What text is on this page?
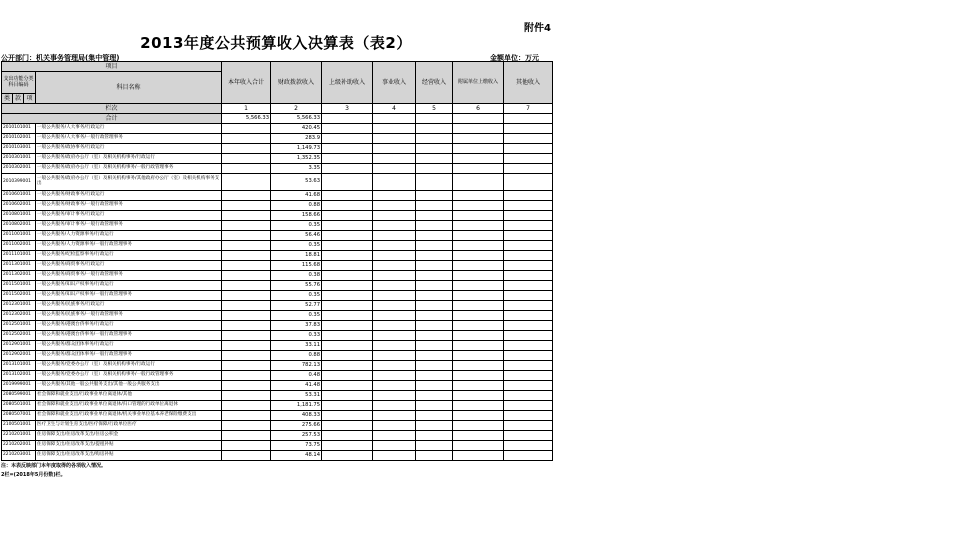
附件4
2013年度公共预算收入决算表（表2）
公开部门：机关事务管理局(集中管理)	金额单位：万元
项目				本年收入合计	财政拨款收入	上级补助收入	事业收入	经营收入	附属单位上缴收入	其他收入
支出功能分类科目编码			科目名称							

类	款	项								
栏次				1	2	3	4	5	6	7
合计				5,566.33	5,566.33					
2010101001			一般公共服务/人大事务/行政运行		420.45					
2010102001			一般公共服务/人大事务/一般行政管理事务		283.9					
2010103001			一般公共服务/政协事务/行政运行		1,149.73					
2010301001			一般公共服务/政府办公厅（室）及相关机构事务/行政运行		1,352.35					
2010302001			一般公共服务/政府办公厅（室）及相关机构事务/一般行政管理事务		3.35					
2010399001			一般公共服务/政府办公厅（室）及相关机构事务/其他政府办公厅（室）及相关机构事务支出		53.63					
2010601001			一般公共服务/财政事务/行政运行		41.68					
2010602001			一般公共服务/财政事务/一般行政管理事务		0.88					
2010801001			一般公共服务/审计事务/行政运行		158.66					
2010802001			一般公共服务/审计事务/一般行政管理事务		0.35					
2011001001			一般公共服务/人力资源事务/行政运行		56.46					
2011002001			一般公共服务/人力资源事务/一般行政管理事务		0.35					
2011101001			一般公共服务/纪检监察事务/行政运行		18.81					
2011301001			一般公共服务/商贸事务/行政运行		115.68					
2011302001			一般公共服务/商贸事务/一般行政管理事务		0.38					
2011501001			一般公共服务/知识产权事务/行政运行		55.76					
2011502001			一般公共服务/知识产权事务/一般行政管理事务		0.35					
2012301001			一般公共服务/民族事务/行政运行		52.77					
2012302001			一般公共服务/民族事务/一般行政管理事务		0.35					
2012501001			一般公共服务/港澳台侨事务/行政运行		37.83					
2012502001			一般公共服务/港澳台侨事务/一般行政管理事务		0.33					
2012901001			一般公共服务/群众团体事务/行政运行		33.11					
2012902001			一般公共服务/群众团体事务/一般行政管理事务		0.88					
2013101001			一般公共服务/党委办公厅（室）及相关机构事务/行政运行		782.13					
2013102001			一般公共服务/党委办公厅（室）及相关机构事务/一般行政管理事务		0.48					
2019999001			一般公共服务/其他一般公共服务支出/其他一般公共服务支出		41.48					
2080599001			社会保障和就业支出/行政事业单位离退休/其他		53.31					
2080501001			社会保障和就业支出/行政事业单位离退休/归口管理的行政单位离退休		1,181.75					
2080507001			社会保障和就业支出/行政事业单位离退休/机关事业单位基本养老保险缴费支出		408.33					
2100501001			医疗卫生与计划生育支出/医疗保障/行政单位医疗		275.66					
2210201001			住房保障支出/住房改革支出/住房公积金		257.53					
2210202001			住房保障支出/住房改革支出/提租补贴		73.75					
2210203001			住房保障支出/住房改革支出/购房补贴		48.14					
注：本表反映部门本年度取得的各项收入情况。
2栏=(2018年5月份数)栏。
